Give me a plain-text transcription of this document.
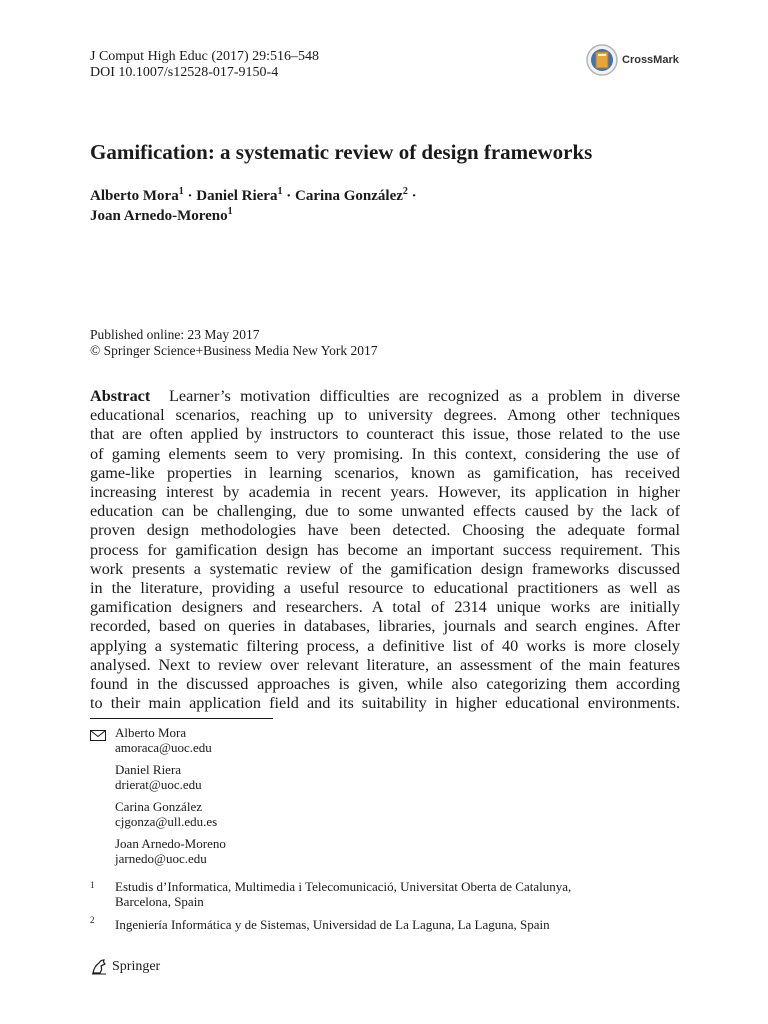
J Comput High Educ (2017) 29:516–548
DOI 10.1007/s12528-017-9150-4
CrossMark
Gamification: a systematic review of design frameworks
Alberto Mora$^1$ · Daniel Riera$^1$ · Carina González$^2$ ·
Joan Arnedo-Moreno$^1$
Published online: 23 May 2017
© Springer Science+Business Media New York 2017
Abstract Learner’s motivation difficulties are recognized as a problem in diverse
educational scenarios, reaching up to university degrees. Among other techniques
that are often applied by instructors to counteract this issue, those related to the use
of gaming elements seem to very promising. In this context, considering the use of
game-like properties in learning scenarios, known as gamification, has received
increasing interest by academia in recent years. However, its application in higher
education can be challenging, due to some unwanted effects caused by the lack of
proven design methodologies have been detected. Choosing the adequate formal
process for gamification design has become an important success requirement. This
work presents a systematic review of the gamification design frameworks discussed
in the literature, providing a useful resource to educational practitioners as well as
gamification designers and researchers. A total of 2314 unique works are initially
recorded, based on queries in databases, libraries, journals and search engines. After
applying a systematic filtering process, a definitive list of 40 works is more closely
analysed. Next to review over relevant literature, an assessment of the main features
found in the discussed approaches is given, while also categorizing them according
to their main application field and its suitability in higher educational environments.
Alberto Mora
amoraca@uoc.edu
Daniel Riera
drierat@uoc.edu
Carina González
cjgonza@ull.edu.es
Joan Arnedo-Moreno
jarnedo@uoc.edu
1 Estudis d’Informatica, Multimedia i Telecomunicació, Universitat Oberta de Catalunya,
Barcelona, Spain
2 Ingeniería Informática y de Sistemas, Universidad de La Laguna, La Laguna, Spain
Springer
